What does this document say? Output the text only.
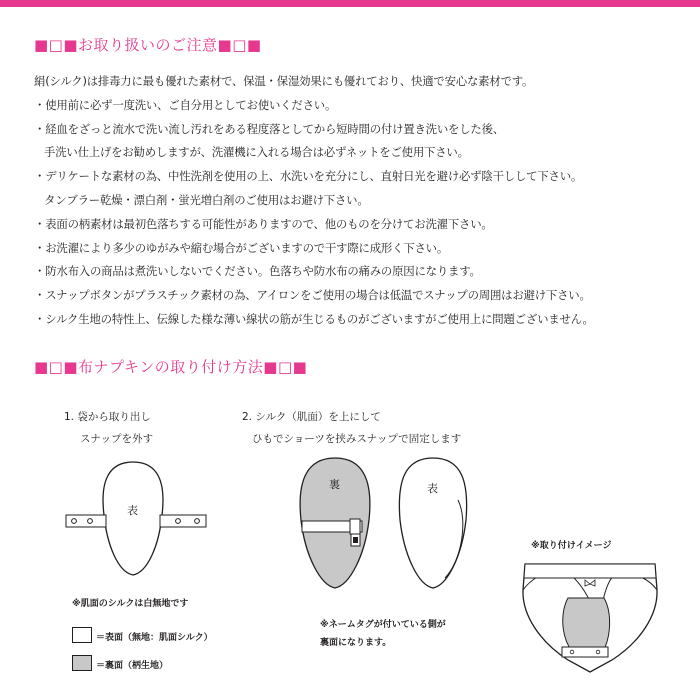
■□■お取り扱いのご注意■□■
絹(シルク)は排毒力に最も優れた素材で、保温・保湿効果にも優れており、快適で安心な素材です。
・使用前に必ず一度洗い、ご自分用としてお使いください。
・経血をざっと流水で洗い流し汚れをある程度落としてから短時間の付け置き洗いをした後、
手洗い仕上げをお勧めしますが、洗濯機に入れる場合は必ずネットをご使用下さい。
・デリケートな素材の為、中性洗剤を使用の上、水洗いを充分にし、直射日光を避け必ず陰干しして下さい。
タンブラー乾燥・漂白剤・蛍光増白剤のご使用はお避け下さい。
・表面の柄素材は最初色落ちする可能性がありますので、他のものを分けてお洗濯下さい。
・お洗濯により多少のゆがみや縮む場合がございますので干す際に成形く下さい。
・防水布入の商品は煮洗いしないでください。色落ちや防水布の痛みの原因になります。
・スナップボタンがプラスチック素材の為、アイロンをご使用の場合は低温でスナップの周囲はお避け下さい。
・シルク生地の特性上、伝線した様な薄い線状の筋が生じるものがございますがご使用上に問題ございません。
■□■布ナプキンの取り付け方法■□■
1. 袋から取り出し
スナップを外す
2. シルク（肌面）を上にして
ひもでショーツを挟みスナップで固定します
表
裏	表
※肌面のシルクは白無地です
※ネームタグが付いている側が
裏面になります。
※取り付けイメージ
＝表面（無地：肌面シルク）
＝裏面（柄生地）
